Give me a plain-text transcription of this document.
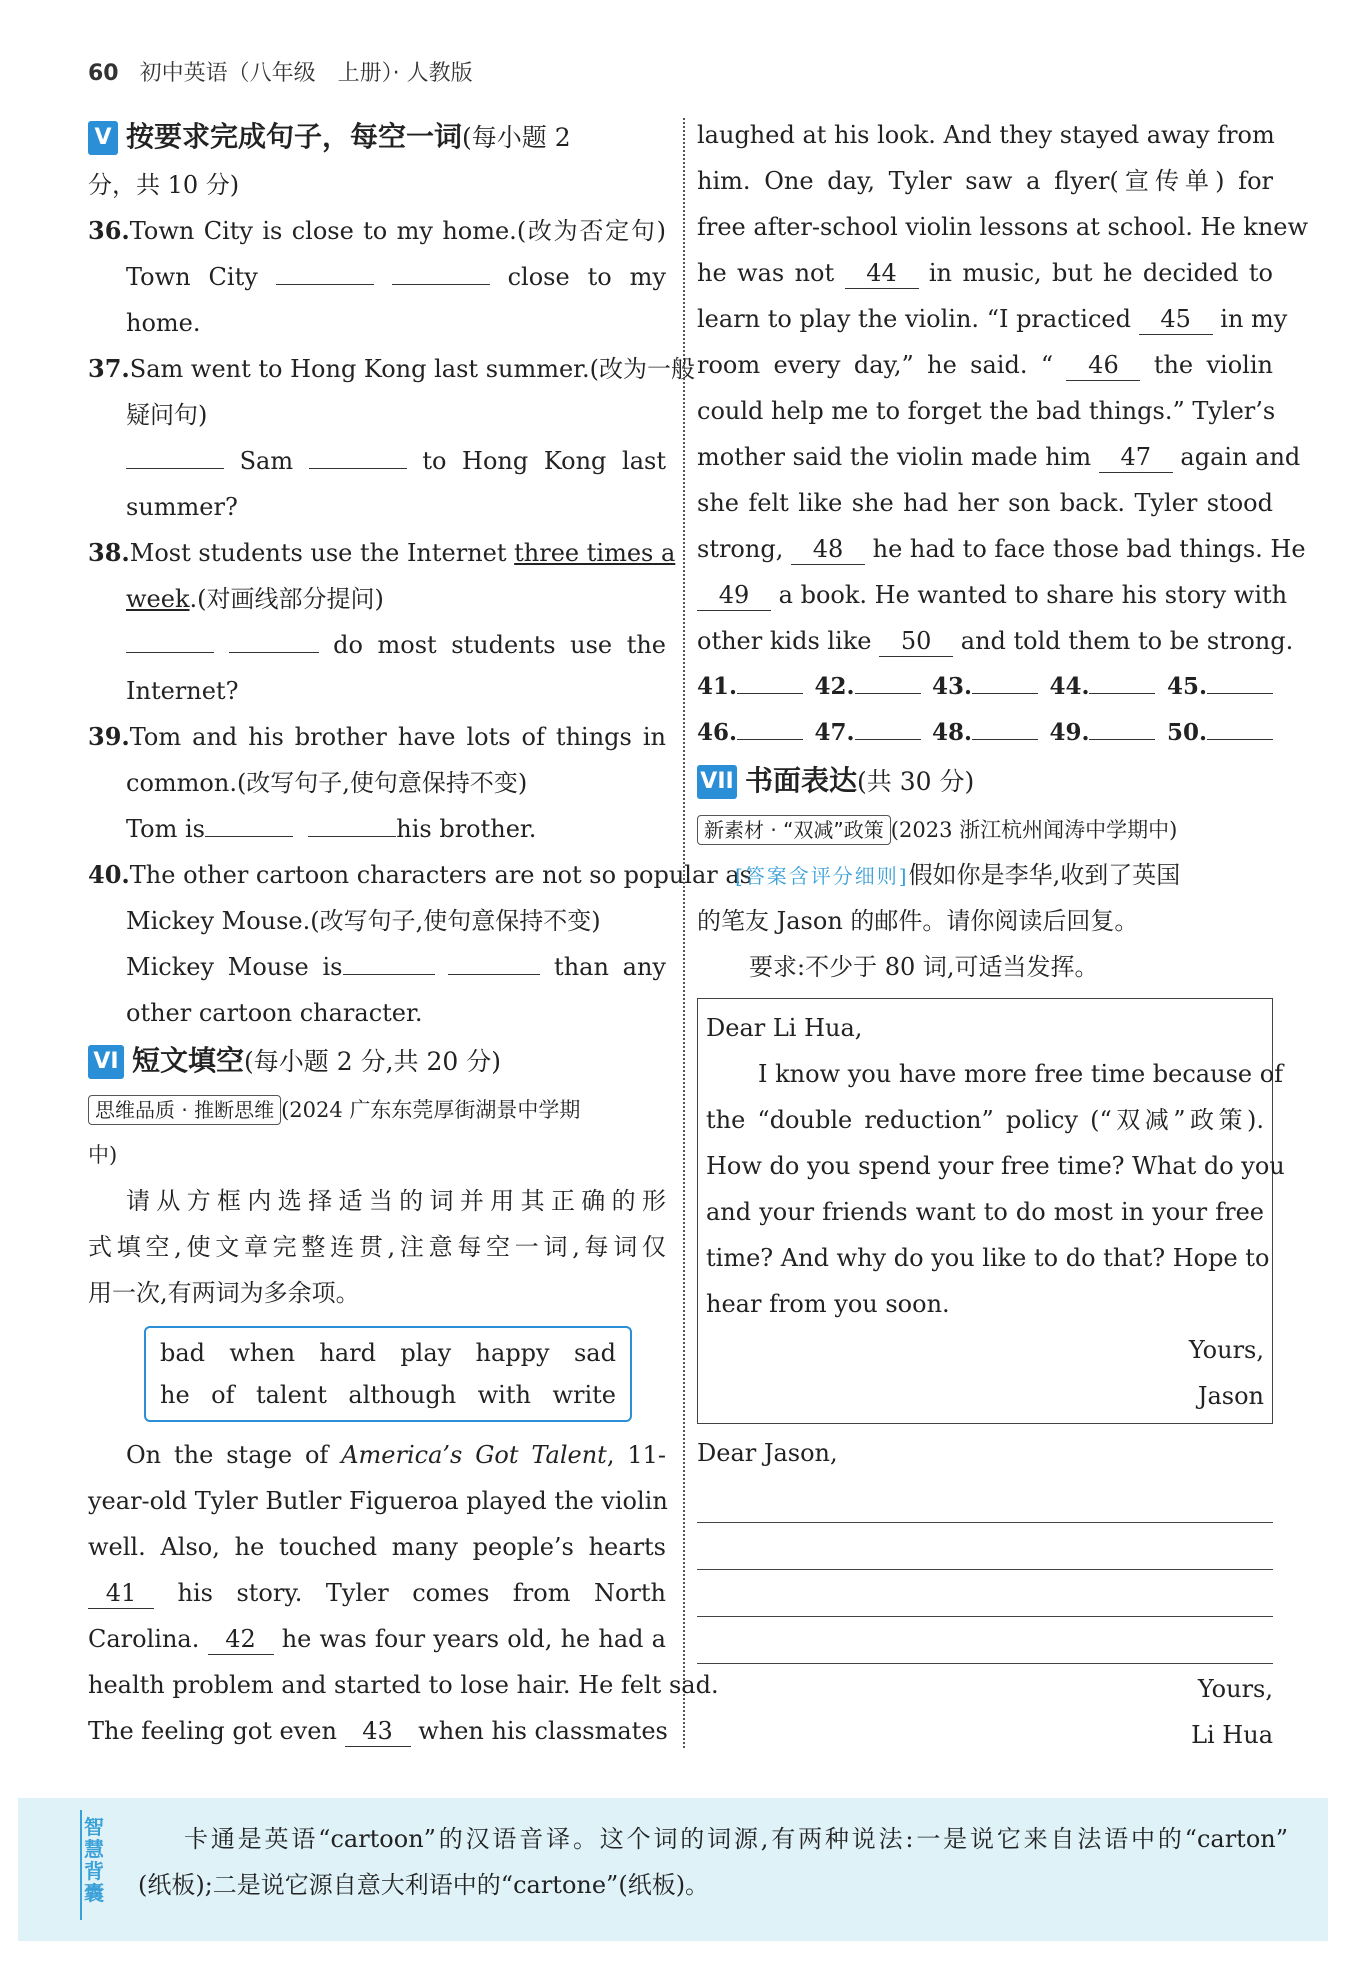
60 初中英语（八年级　上册）· 人教版
V 按要求完成句子，每空一词(每小题 2
分，共 10 分)
36.Town City is close to my home.(改为否定句)
Town City	close to my
home.
37.Sam went to Hong Kong last summer.(改为一般
疑问句)
Sam	to Hong Kong last
summer?
38.Most students use the Internet three times a
week.(对画线部分提问)
do most students use the
Internet?
39.Tom and his brother have lots of things in
common.(改写句子,使句意保持不变)
Tom is	his brother.
40.The other cartoon characters are not so popular as
Mickey Mouse.(改写句子,使句意保持不变)
Mickey Mouse is	than any
other cartoon character.
VI 短文填空(每小题 2 分,共 20 分)
思维品质 · 推断思维 (2024 广东东莞厚街湖景中学期
中)
请从方框内选择适当的词并用其正确的形
式填空,使文章完整连贯,注意每空一词,每词仅
用一次,有两词为多余项。
bad when hard play happy sad
he of talent although with write
On the stage of America’s Got Talent, 11-
year-old Tyler Butler Figueroa played the violin
well. Also, he touched many people’s hearts
41 his story. Tyler comes from North
Carolina. 42 he was four years old, he had a
health problem and started to lose hair. He felt sad.
The feeling got even 43 when his classmates
laughed at his look. And they stayed away from
him. One day, Tyler saw a flyer(宣传单) for
free after-school violin lessons at school. He knew
he was not 44 in music, but he decided to
learn to play the violin. “I practiced 45 in my
room every day,” he said. “ 46 the violin
could help me to forget the bad things.” Tyler’s
mother said the violin made him 47 again and
she felt like she had her son back. Tyler stood
strong, 48 he had to face those bad things. He
49 a book. He wanted to share his story with
other kids like 50 and told them to be strong.
41.	42.	43.	44.	45.
46.	47.	48.	49.	50.
VII 书面表达(共 30 分)
新素材 · “双减”政策 (2023 浙江杭州闻涛中学期中)
[答案含评分细则]假如你是李华,收到了英国
的笔友 Jason 的邮件。请你阅读后回复。
要求:不少于 80 词,可适当发挥。
Dear Li Hua,
I know you have more free time because of
the “double reduction” policy (“双减”政策).
How do you spend your free time? What do you
and your friends want to do most in your free
time? And why do you like to do that? Hope to
hear from you soon.
Yours,
Jason
Dear Jason,
Yours,
Li Hua
智慧背囊
卡通是英语“cartoon”的汉语音译。这个词的词源,有两种说法:一是说它来自法语中的“carton”
(纸板);二是说它源自意大利语中的“cartone”(纸板)。
